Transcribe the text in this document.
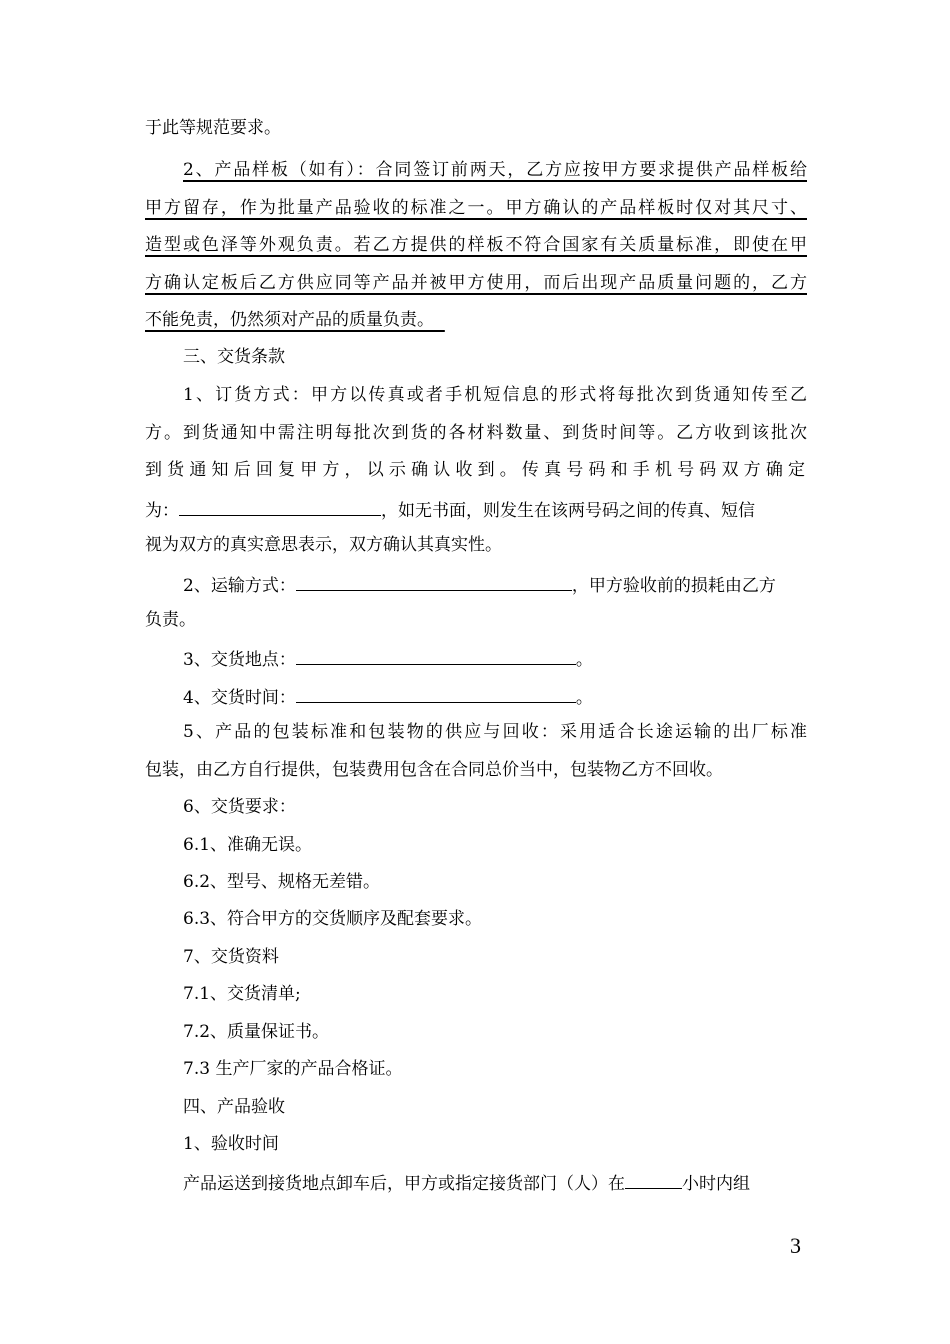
于此等规范要求。
2、产品样板（如有）：合同签订前两天，乙方应按甲方要求提供产品样板给
甲方留存，作为批量产品验收的标准之一。甲方确认的产品样板时仅对其尺寸、
造型或色泽等外观负责。若乙方提供的样板不符合国家有关质量标准，即使在甲
方确认定板后乙方供应同等产品并被甲方使用，而后出现产品质量问题的，乙方
不能免责，仍然须对产品的质量负责。
三、交货条款
1、订货方式：甲方以传真或者手机短信息的形式将每批次到货通知传至乙
方。到货通知中需注明每批次到货的各材料数量、到货时间等。乙方收到该批次
到货通知后回复甲方，以示确认收到。传真号码和手机号码双方确定
为：	，如无书面，则发生在该两号码之间的传真、短信
视为双方的真实意思表示，双方确认其真实性。
2、运输方式：	，甲方验收前的损耗由乙方
负责。
3、交货地点：	。
4、交货时间：	。
5、产品的包装标准和包装物的供应与回收：采用适合长途运输的出厂标准
包装，由乙方自行提供，包装费用包含在合同总价当中，包装物乙方不回收。
6、交货要求：
6.1、准确无误。
6.2、型号、规格无差错。
6.3、符合甲方的交货顺序及配套要求。
7、交货资料
7.1、交货清单;
7.2、质量保证书。
7.3 生产厂家的产品合格证。
四、产品验收
1、验收时间
产品运送到接货地点卸车后，甲方或指定接货部门（人）在	小时内组
3
